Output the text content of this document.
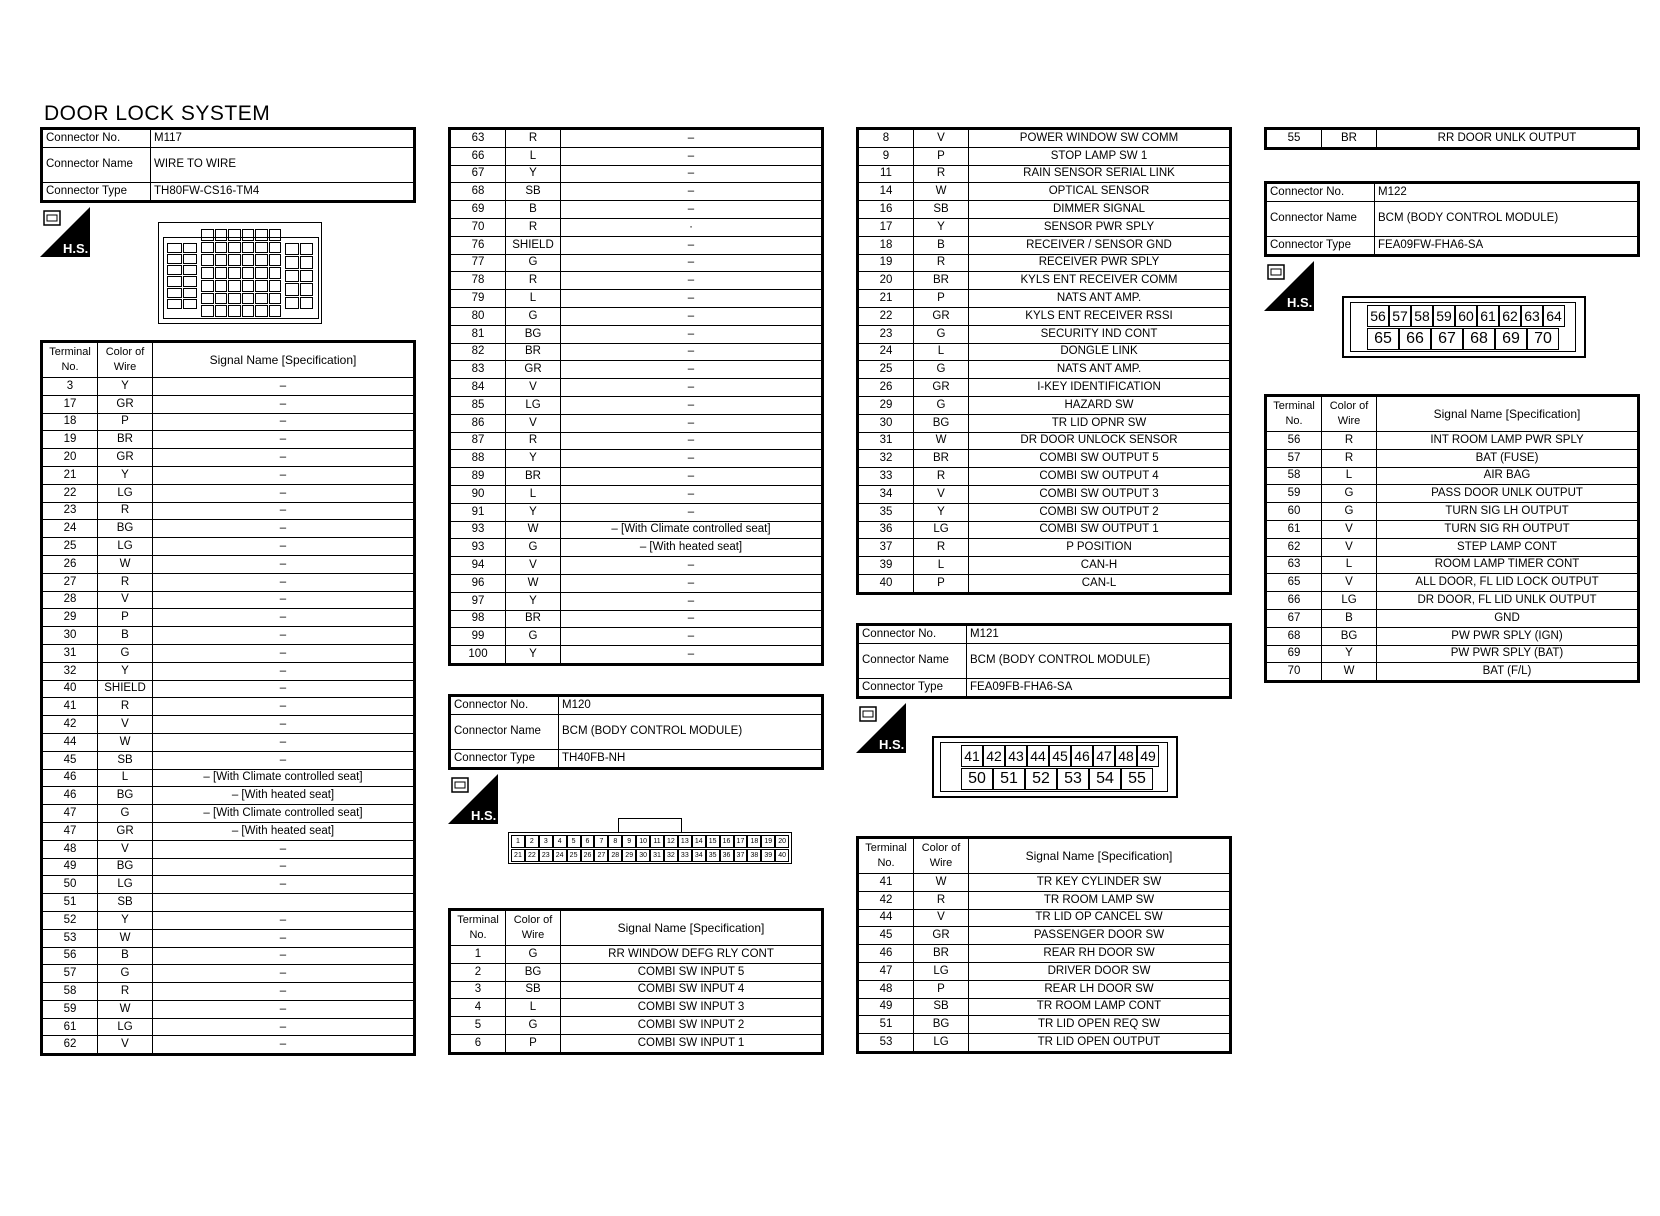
DOOR LOCK SYSTEM
Connector No.	M117
Connector Name	WIRE TO WIRE
Connector Type	TH80FW-CS16-TM4
H.S.
Terminal No.	Color of Wire	Signal Name [Specification]
3	Y	–
17	GR	–
18	P	–
19	BR	–
20	GR	–
21	Y	–
22	LG	–
23	R	–
24	BG	–
25	LG	–
26	W	–
27	R	–
28	V	–
29	P	–
30	B	–
31	G	–
32	Y	–
40	SHIELD	–
41	R	–
42	V	–
44	W	–
45	SB	–
46	L	– [With Climate controlled seat]
46	BG	– [With heated seat]
47	G	– [With Climate controlled seat]
47	GR	– [With heated seat]
48	V	–
49	BG	–
50	LG	–
51	SB	
52	Y	–
53	W	–
56	B	–
57	G	–
58	R	–
59	W	–
61	LG	–
62	V	–
63	R	–
66	L	–
67	Y	–
68	SB	–
69	B	–
70	R	·
76	SHIELD	–
77	G	–
78	R	–
79	L	–
80	G	–
81	BG	–
82	BR	–
83	GR	–
84	V	–
85	LG	–
86	V	–
87	R	–
88	Y	–
89	BR	–
90	L	–
91	Y	–
93	W	– [With Climate controlled seat]
93	G	– [With heated seat]
94	V	–
96	W	–
97	Y	–
98	BR	–
99	G	–
100	Y	–
Connector No.	M120
Connector Name	BCM (BODY CONTROL MODULE)
Connector Type	TH40FB-NH
H.S.
1	2	3	4	5	6	7	8	9	10 11 12 13 14 15 16 17 18 19 20
21 22 23 24 25 26 27 28 29 30 31 32 33 34 35 36 37 38 39 40
Terminal No.	Color of Wire	Signal Name [Specification]
1	G	RR WINDOW DEFG RLY CONT
2	BG	COMBI SW INPUT 5
3	SB	COMBI SW INPUT 4
4	L	COMBI SW INPUT 3
5	G	COMBI SW INPUT 2
6	P	COMBI SW INPUT 1
8	V	POWER WINDOW SW COMM
9	P	STOP LAMP SW 1
11	R	RAIN SENSOR SERIAL LINK
14	W	OPTICAL SENSOR
16	SB	DIMMER SIGNAL
17	Y	SENSOR PWR SPLY
18	B	RECEIVER / SENSOR GND
19	R	RECEIVER PWR SPLY
20	BR	KYLS ENT RECEIVER COMM
21	P	NATS ANT AMP.
22	GR	KYLS ENT RECEIVER RSSI
23	G	SECURITY IND CONT
24	L	DONGLE LINK
25	G	NATS ANT AMP.
26	GR	I-KEY IDENTIFICATION
29	G	HAZARD SW
30	BG	TR LID OPNR SW
31	W	DR DOOR UNLOCK SENSOR
32	BR	COMBI SW OUTPUT 5
33	R	COMBI SW OUTPUT 4
34	V	COMBI SW OUTPUT 3
35	Y	COMBI SW OUTPUT 2
36	LG	COMBI SW OUTPUT 1
37	R	P POSITION
39	L	CAN-H
40	P	CAN-L
Connector No.	M121
Connector Name	BCM (BODY CONTROL MODULE)
Connector Type	FEA09FB-FHA6-SA
H.S.
41 42 43 44 45 46 47 48 49
50 51 52 53 54 55
Terminal No.	Color of Wire	Signal Name [Specification]
41	W	TR KEY CYLINDER SW
42	R	TR ROOM LAMP SW
44	V	TR LID OP CANCEL SW
45	GR	PASSENGER DOOR SW
46	BR	REAR RH DOOR SW
47	LG	DRIVER DOOR SW
48	P	REAR LH DOOR SW
49	SB	TR ROOM LAMP CONT
51	BG	TR LID OPEN REQ SW
53	LG	TR LID OPEN OUTPUT
55	BR	RR DOOR UNLK OUTPUT
Connector No.	M122
Connector Name	BCM (BODY CONTROL MODULE)
Connector Type	FEA09FW-FHA6-SA
H.S.
56 57 58 59 60 61 62 63 64
65 66 67 68 69 70
Terminal No.	Color of Wire	Signal Name [Specification]
56	R	INT ROOM LAMP PWR SPLY
57	R	BAT (FUSE)
58	L	AIR BAG
59	G	PASS DOOR UNLK OUTPUT
60	G	TURN SIG LH OUTPUT
61	V	TURN SIG RH OUTPUT
62	V	STEP LAMP CONT
63	L	ROOM LAMP TIMER CONT
65	V	ALL DOOR, FL LID LOCK OUTPUT
66	LG	DR DOOR, FL LID UNLK OUTPUT
67	B	GND
68	BG	PW PWR SPLY (IGN)
69	Y	PW PWR SPLY (BAT)
70	W	BAT (F/L)
